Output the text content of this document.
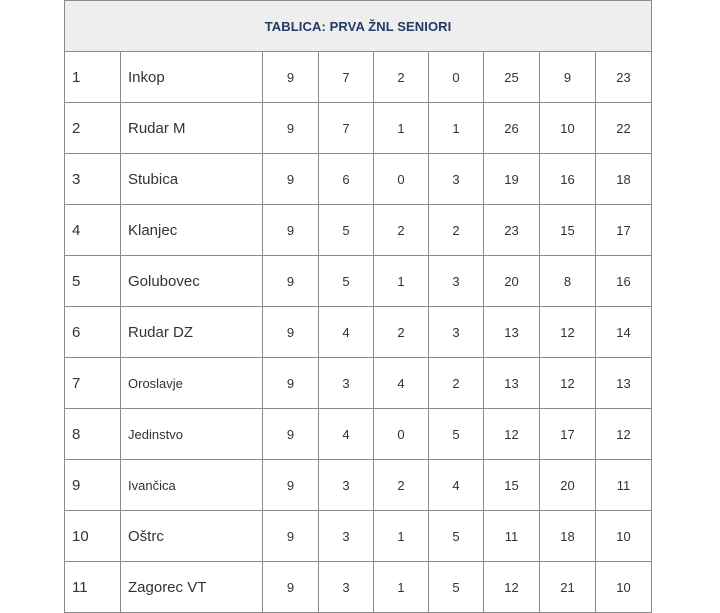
TABLICA: PRVA ŽNL SENIORI								
1	Inkop	9	7	2	0	25	9	23
2	Rudar M	9	7	1	1	26	10	22
3	Stubica	9	6	0	3	19	16	18
4	Klanjec	9	5	2	2	23	15	17
5	Golubovec	9	5	1	3	20	8	16
6	Rudar DZ	9	4	2	3	13	12	14
7	Oroslavje	9	3	4	2	13	12	13
8	Jedinstvo	9	4	0	5	12	17	12
9	Ivančica	9	3	2	4	15	20	11
10	Oštrc	9	3	1	5	11	18	10
11	Zagorec VT	9	3	1	5	12	21	10
